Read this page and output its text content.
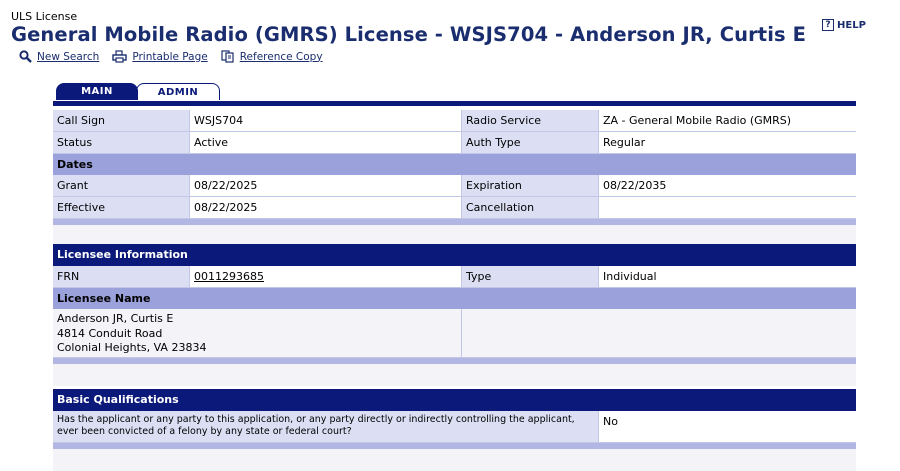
ULS License
General Mobile Radio (GMRS) License - WSJS704 - Anderson JR, Curtis E	? HELP
New Search	Printable Page	Reference Copy
MAIN	ADMIN
Call Sign	WSJS704	Radio Service	ZA - General Mobile Radio (GMRS)
Status	Active	Auth Type	Regular
Dates
Grant	08/22/2025	Expiration	08/22/2035
Effective	08/22/2025	Cancellation
Licensee Information
FRN	0011293685	Type	Individual
Licensee Name
Anderson JR, Curtis E
4814 Conduit Road
Colonial Heights, VA 23834
Basic Qualifications
Has the applicant or any party to this application, or any party directly or indirectly controlling the applicant, ever been convicted of a felony by any state or federal court?
No
